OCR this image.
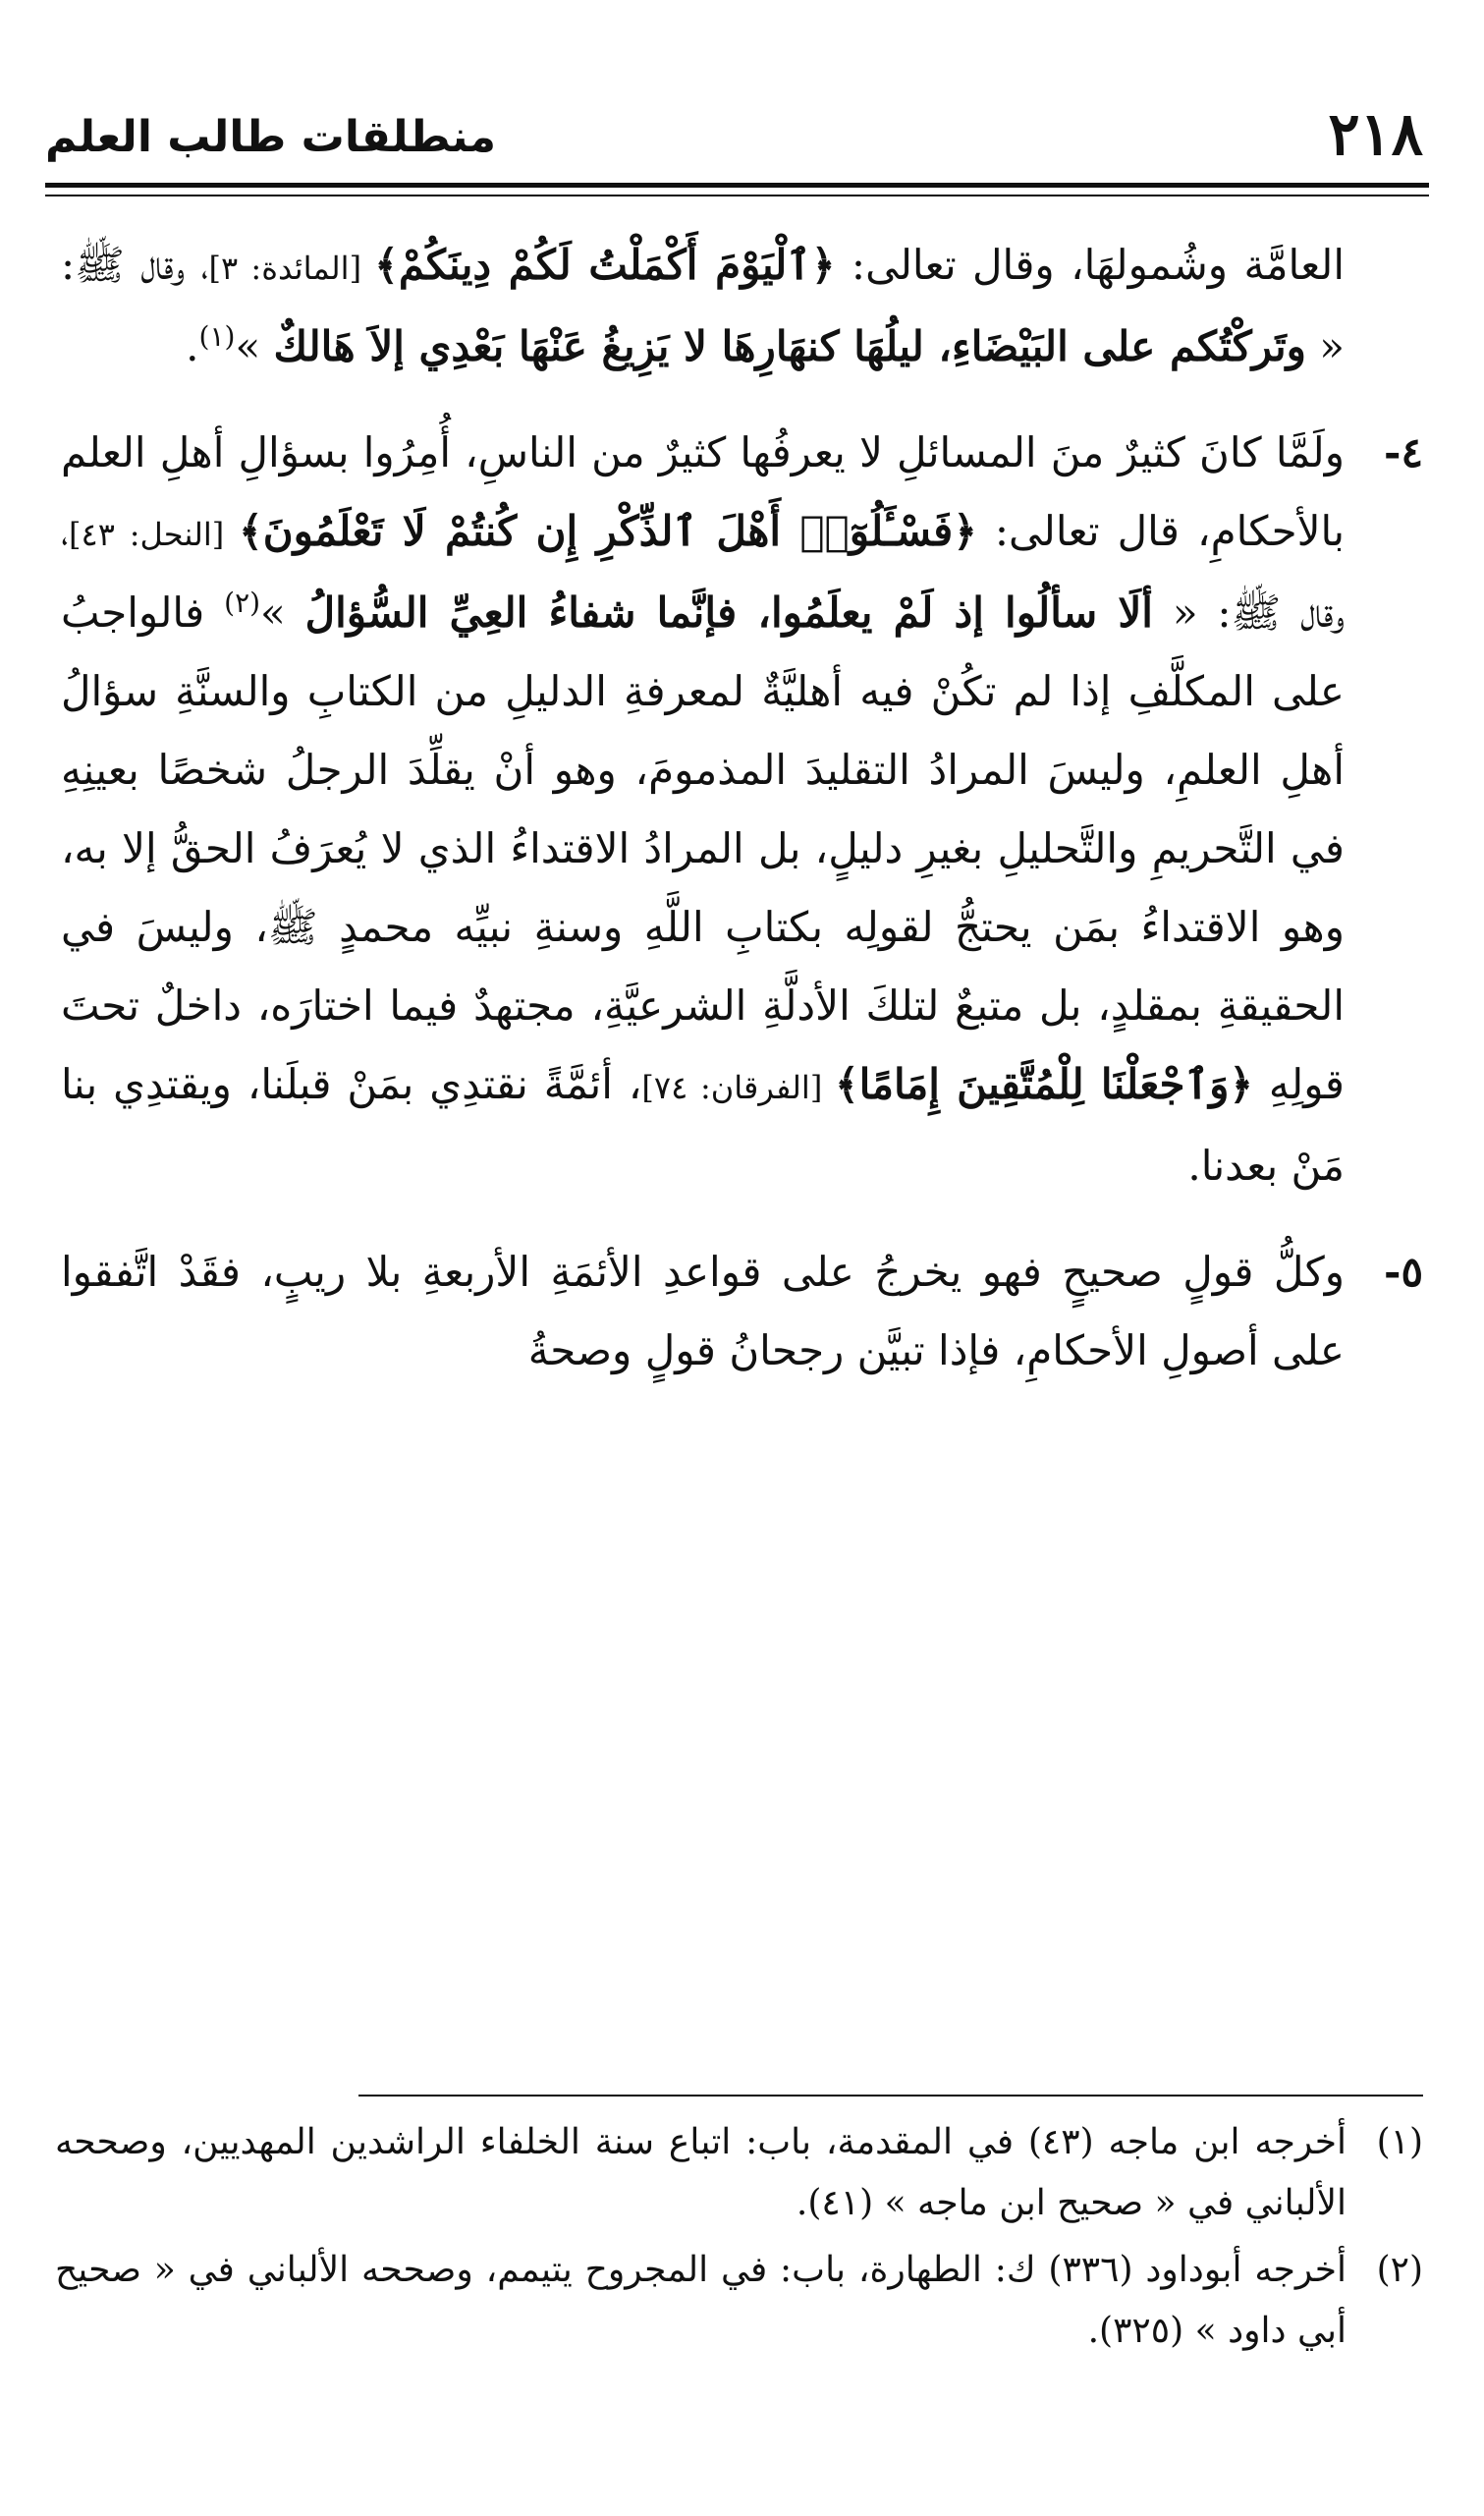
٢١٨
منطلقات طالب العلم

العامَّة وشُمولهَا، وقال تعالى: ﴿ٱلْيَوْمَ أَكْمَلْتُ لَكُمْ دِينَكُمْ﴾ [المائدة: ٣]، وقال ﷺ: « وتَركْتُكم على البَيْضَاءِ، ليلُهَا كنهَارِهَا لا يَزِيغُ عَنْهَا بَعْدِي إلاَ هَالكٌ »$^{(١)}$.

٤-

ولَمَّا كانَ كثيرٌ منَ المسائلِ لا يعرفُها كثيرٌ من الناسِ، أُمِرُوا بسؤالِ أهلِ العلم بالأحكامِ، قال تعالى: ﴿فَسْـَٔلُوٓا۟ أَهْلَ ٱلذِّكْرِ إِن كُنتُمْ لَا تَعْلَمُونَ﴾ [النحل: ٤٣]، وقال ﷺ: « ألَا سألُوا إذ لَمْ يعلَمُوا، فإنَّما شفاءُ العِيِّ السُّؤالُ »$^{(٢)}$ فالواجبُ على المكلَّفِ إذا لم تكُنْ فيه أهليَّةٌ لمعرفةِ الدليلِ من الكتابِ والسنَّةِ سؤالُ أهلِ العلمِ، وليسَ المرادُ التقليدَ المذمومَ، وهو أنْ يقلِّدَ الرجلُ شخصًا بعينِهِ في التَّحريمِ والتَّحليلِ بغيرِ دليلٍ، بل المرادُ الاقتداءُ الذي لا يُعرَفُ الحقُّ إلا به، وهو الاقتداءُ بمَن يحتجُّ لقولِه بكتابِ اللَّهِ وسنةِ نبيِّه محمدٍ ﷺ، وليسَ في الحقيقةِ بمقلدٍ، بل متبعٌ لتلكَ الأدلَّةِ الشرعيَّةِ، مجتهدٌ فيما اختارَه، داخلٌ تحتَ قولِهِ ﴿وَٱجْعَلْنَا لِلْمُتَّقِينَ إِمَامًا﴾ [الفرقان: ٧٤]، أئمَّةً نقتدِي بمَنْ قبلَنا، ويقتدِي بنا مَنْ بعدنا.

٥-

وكلُّ قولٍ صحيحٍ فهو يخرجُ على قواعدِ الأئمَةِ الأربعةِ بلا ريبٍ، فقَدْ اتَّفقوا على أصولِ الأحكامِ، فإذا تبيَّن رجحانُ قولٍ وصحةُ

(١)
أخرجه ابن ماجه (٤٣) في المقدمة، باب: اتباع سنة الخلفاء الراشدين المهديين، وصححه الألباني في « صحيح ابن ماجه » (٤١).

(٢)
أخرجه أبوداود (٣٣٦) ك: الطهارة، باب: في المجروح يتيمم، وصححه الألباني في « صحيح أبي داود » (٣٢٥).
